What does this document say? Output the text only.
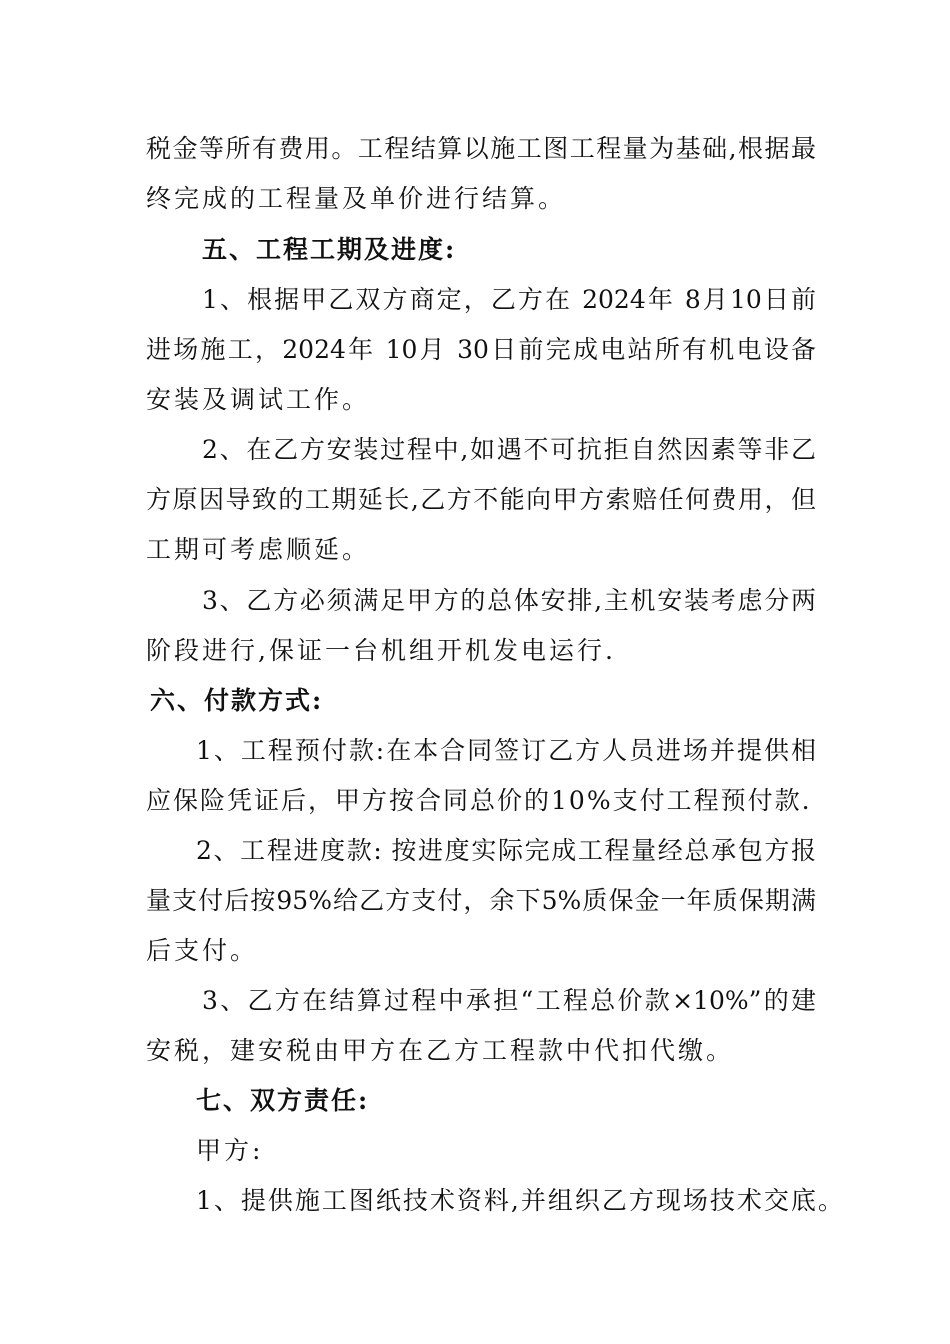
税金等所有费用。工程结算以施工图工程量为基础,根据最
终完成的工程量及单价进行结算。
五、工程工期及进度:
1、根据甲乙双方商定，乙方在 2024年 8月10日前
进场施工，2024年 10月 30日前完成电站所有机电设备
安装及调试工作。
2、在乙方安装过程中,如遇不可抗拒自然因素等非乙
方原因导致的工期延长,乙方不能向甲方索赔任何费用，但
工期可考虑顺延。
3、乙方必须满足甲方的总体安排,主机安装考虑分两
阶段进行,保证一台机组开机发电运行.
六、付款方式:
1、工程预付款:在本合同签订乙方人员进场并提供相
应保险凭证后，甲方按合同总价的10%支付工程预付款.
2、工程进度款: 按进度实际完成工程量经总承包方报
量支付后按95%给乙方支付，余下5%质保金一年质保期满
后支付。
3、乙方在结算过程中承担“工程总价款×10%”的建
安税，建安税由甲方在乙方工程款中代扣代缴。
七、双方责任:
甲方:
1、提供施工图纸技术资料,并组织乙方现场技术交底。
